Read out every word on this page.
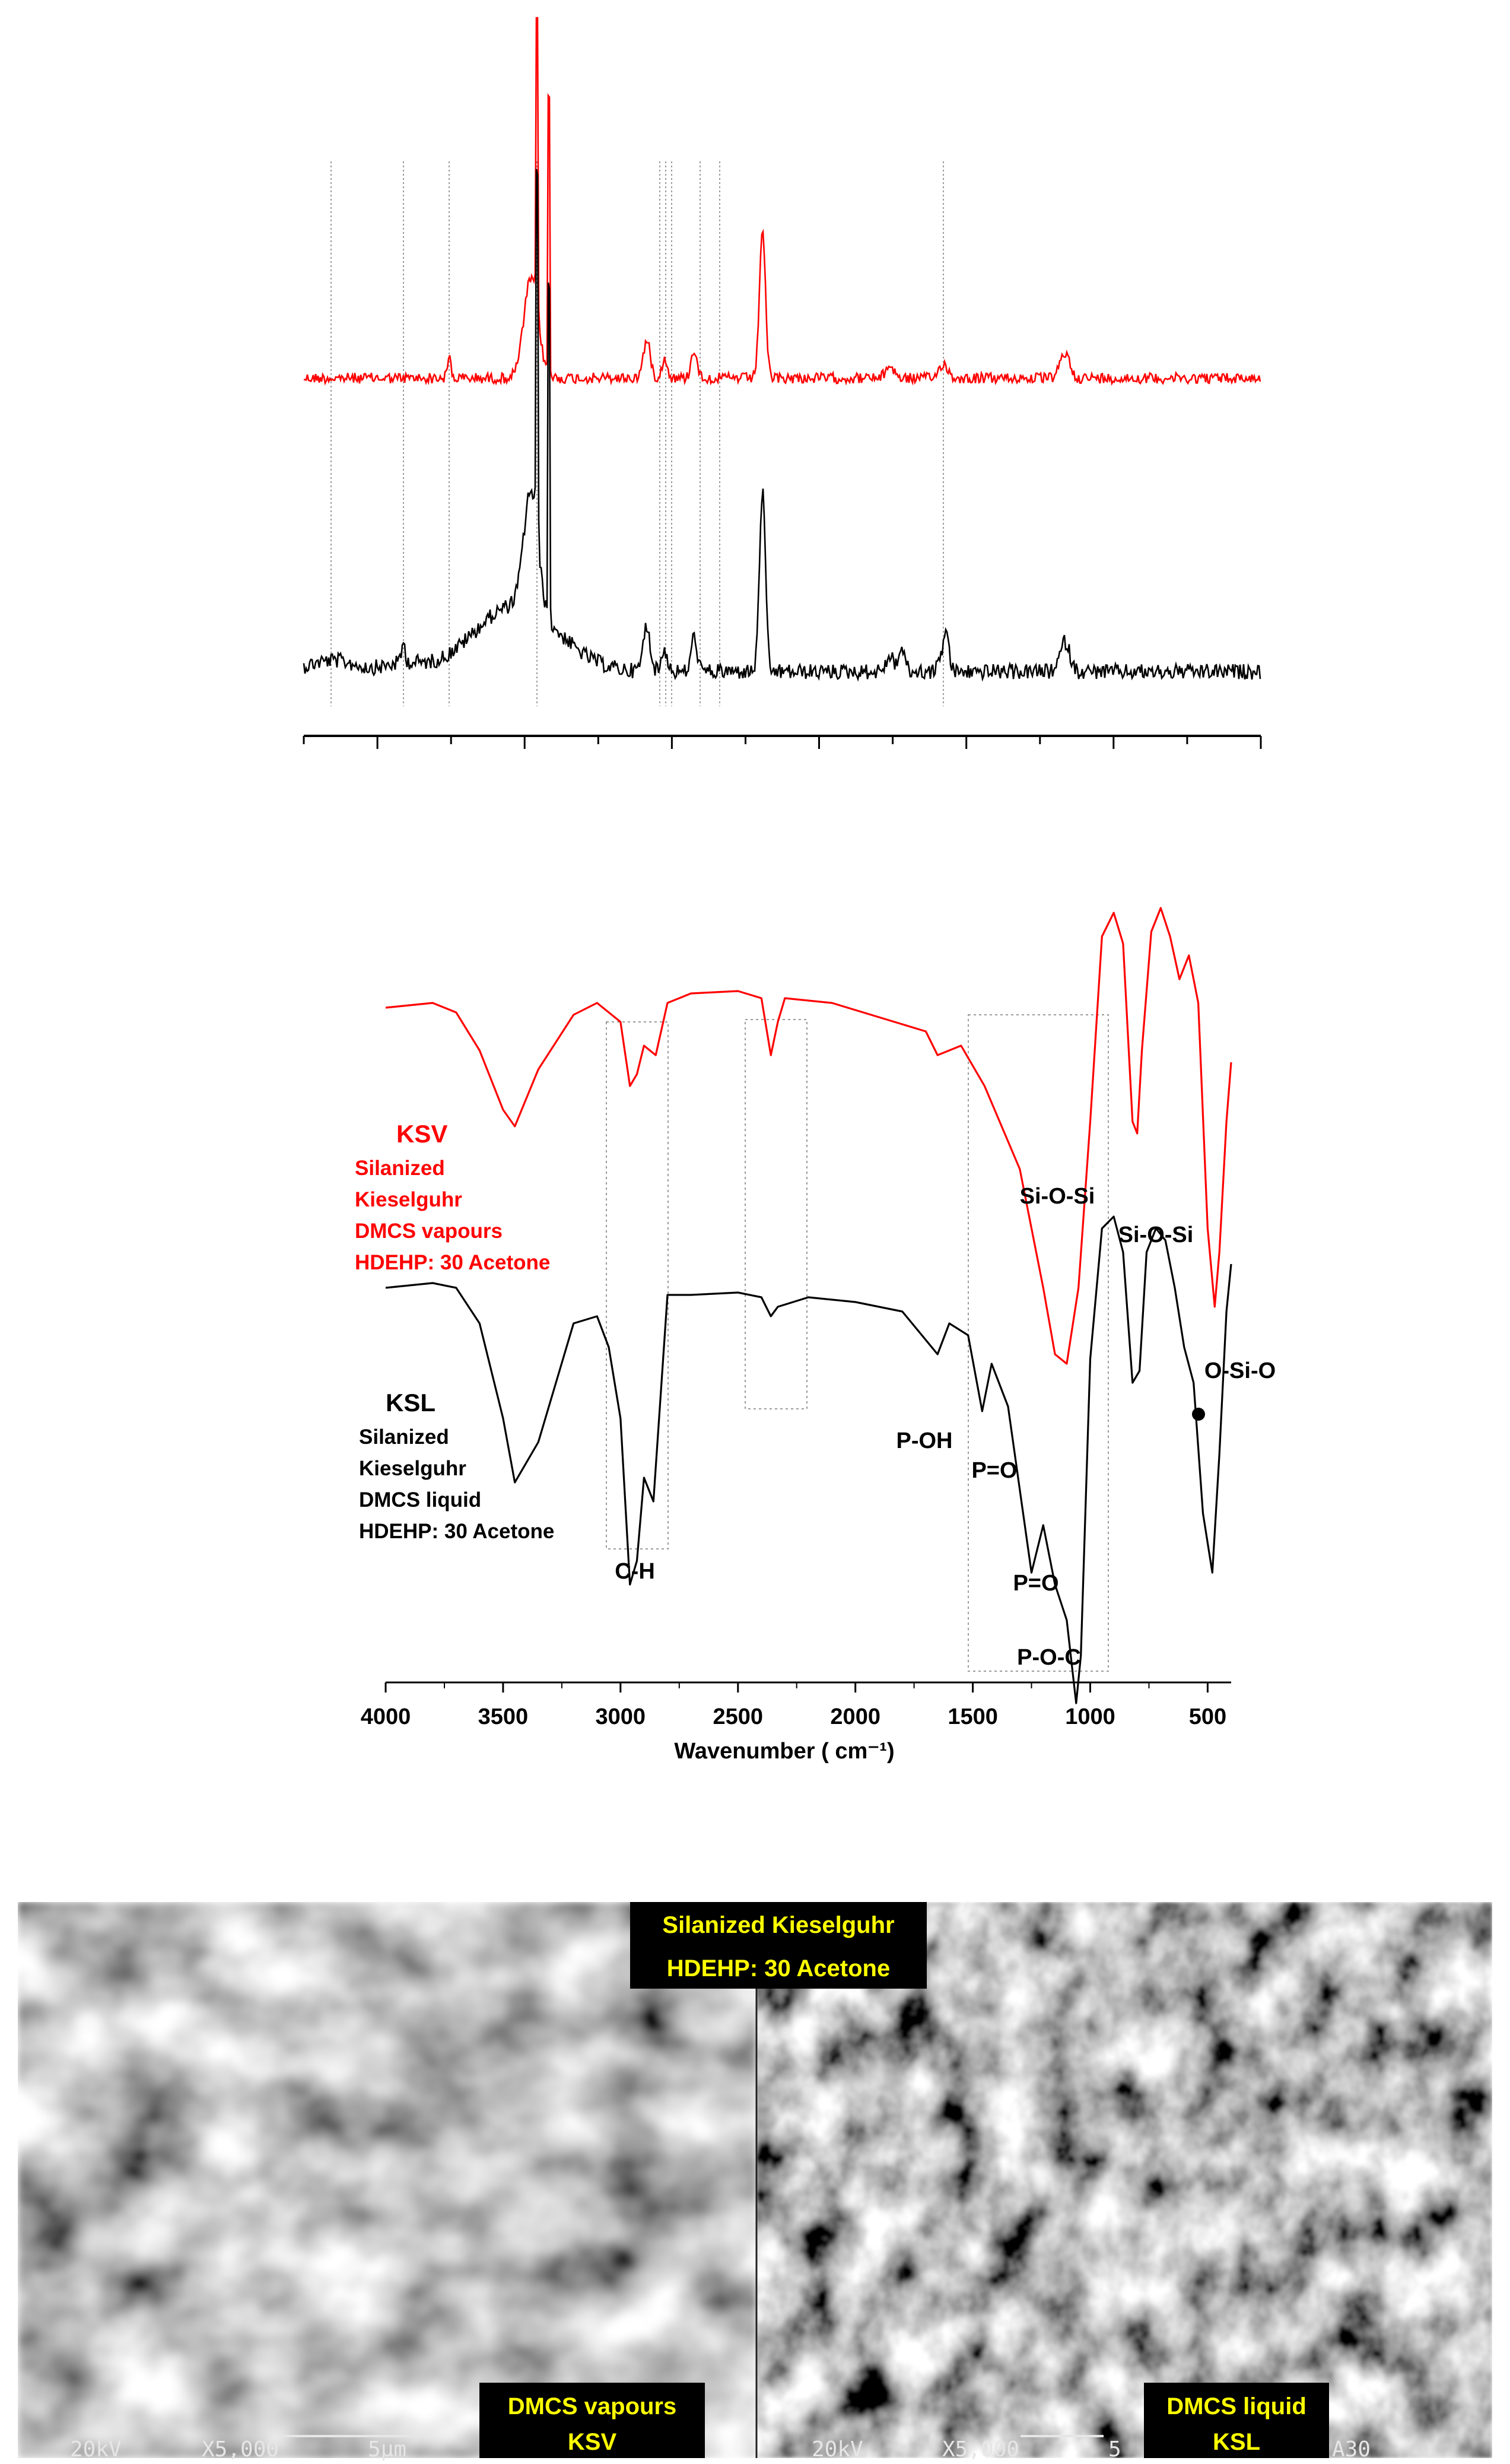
4000	3500	3000	2500	2000	1500	1000	500
Wavenumber ( cm⁻¹)
KSV
Silanized
Kieselguhr
DMCS vapours
HDEHP: 30 Acetone
KSL
Silanized
Kieselguhr
DMCS liquid
HDEHP: 30 Acetone
C-H
P-OH
P=O
P=O
P-O-C
Si-O-Si
Si-O-Si
O-Si-O
Silanized Kieselguhr
HDEHP: 30 Acetone
20kV	X5,000	5μm
DMCS vapours
KSV	20kV	X5,000	5
DMCS liquid
KSL	A30
